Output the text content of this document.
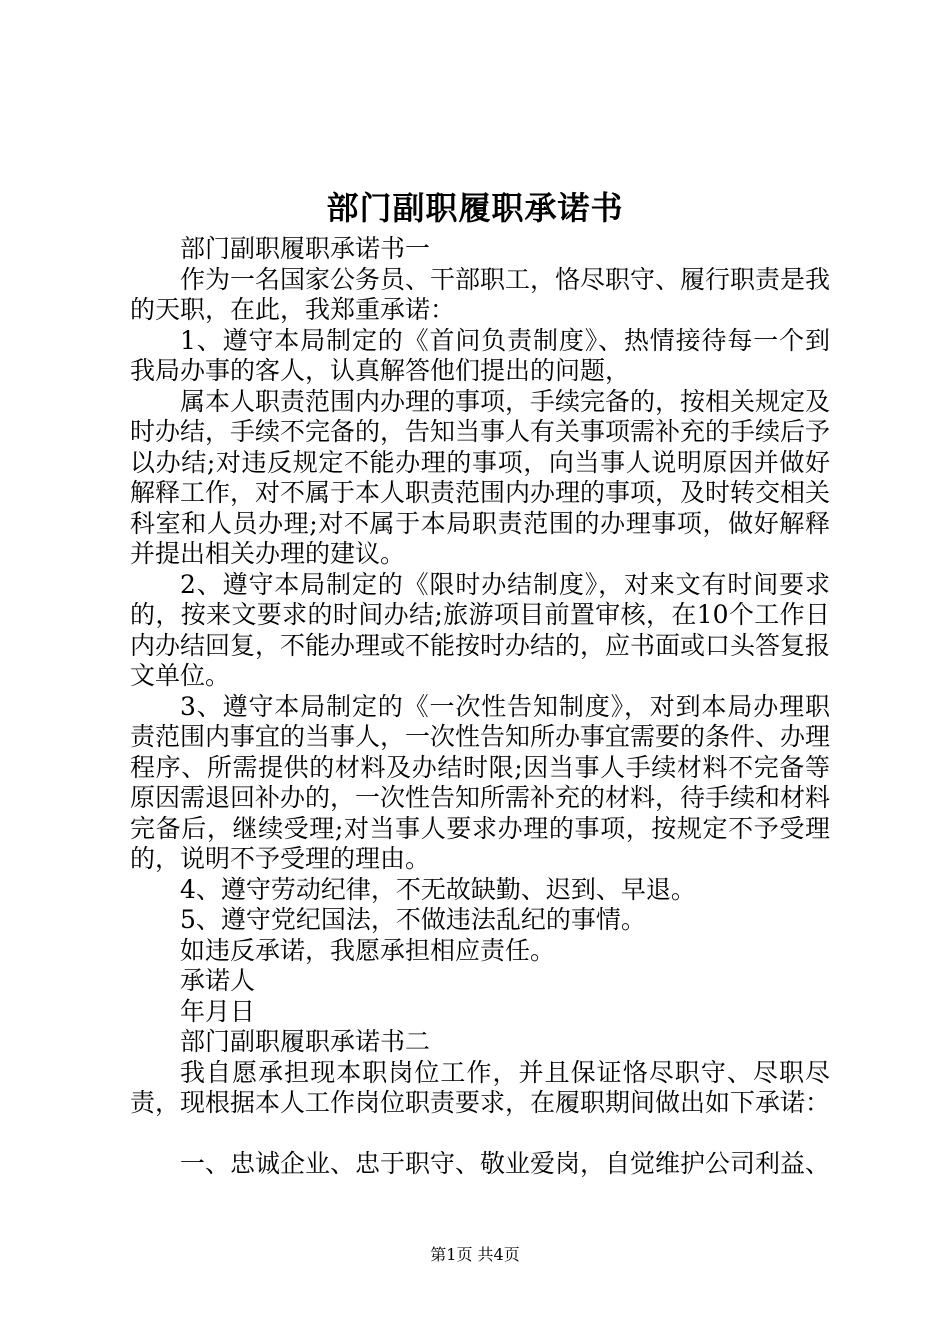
部门副职履职承诺书

部门副职履职承诺书一

作为一名国家公务员、干部职工，恪尽职守、履行职责是我的天职，在此，我郑重承诺：

1、遵守本局制定的《首问负责制度》、热情接待每一个到我局办事的客人，认真解答他们提出的问题，

属本人职责范围内办理的事项，手续完备的，按相关规定及时办结，手续不完备的，告知当事人有关事项需补充的手续后予以办结;对违反规定不能办理的事项，向当事人说明原因并做好解释工作，对不属于本人职责范围内办理的事项，及时转交相关科室和人员办理;对不属于本局职责范围的办理事项，做好解释并提出相关办理的建议。

2、遵守本局制定的《限时办结制度》，对来文有时间要求的，按来文要求的时间办结;旅游项目前置审核，在10个工作日内办结回复，不能办理或不能按时办结的，应书面或口头答复报文单位。

3、遵守本局制定的《一次性告知制度》，对到本局办理职责范围内事宜的当事人，一次性告知所办事宜需要的条件、办理程序、所需提供的材料及办结时限;因当事人手续材料不完备等原因需退回补办的，一次性告知所需补充的材料，待手续和材料完备后，继续受理;对当事人要求办理的事项，按规定不予受理的，说明不予受理的理由。

4、遵守劳动纪律，不无故缺勤、迟到、早退。

5、遵守党纪国法，不做违法乱纪的事情。

如违反承诺，我愿承担相应责任。

承诺人

年月日

部门副职履职承诺书二

我自愿承担现本职岗位工作，并且保证恪尽职守、尽职尽责，现根据本人工作岗位职责要求，在履职期间做出如下承诺：

一、忠诚企业、忠于职守、敬业爱岗，自觉维护公司利益、

第1页 共4页
